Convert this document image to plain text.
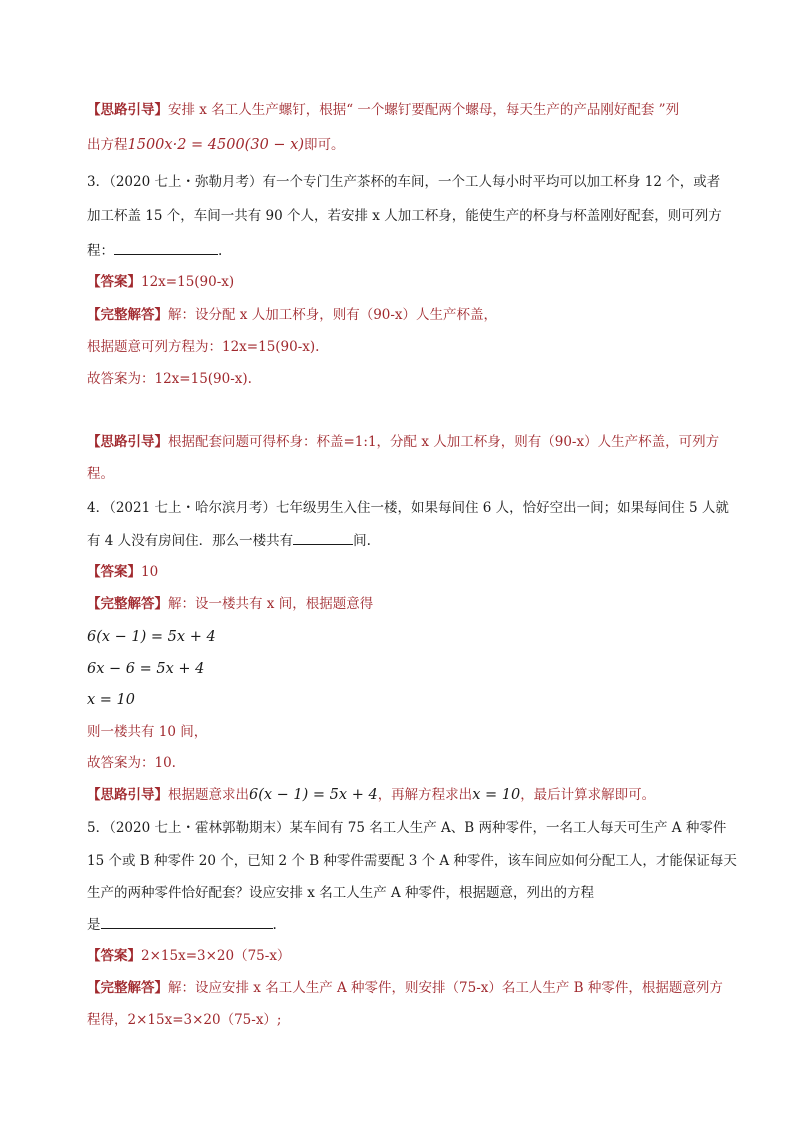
【思路引导】安排 x 名工人生产螺钉，根据“ 一个螺钉要配两个螺母，每天生产的产品刚好配套 ”列
出方程1500x·2 = 4500(30 − x)即可。
3．（2020 七上・弥勒月考）有一个专门生产茶杯的车间，一个工人每小时平均可以加工杯身 12 个，或者
加工杯盖 15 个，车间一共有 90 个人，若安排 x 人加工杯身，能使生产的杯身与杯盖刚好配套，则可列方
程：	.
【答案】12x=15(90-x)
【完整解答】解：设分配 x 人加工杯身，则有（90-x）人生产杯盖，
根据题意可列方程为：12x=15(90-x).
故答案为：12x=15(90-x).
【思路引导】根据配套问题可得杯身：杯盖=1:1，分配 x 人加工杯身，则有（90-x）人生产杯盖，可列方
程。
4．（2021 七上・哈尔滨月考）七年级男生入住一楼，如果每间住 6 人，恰好空出一间；如果每间住 5 人就
有 4 人没有房间住．那么一楼共有	间.
【答案】10
【完整解答】解：设一楼共有 x 间，根据题意得
6(x − 1) = 5x + 4
6x − 6 = 5x + 4
x = 10
则一楼共有 10 间，
故答案为：10.
【思路引导】根据题意求出6(x − 1) = 5x + 4，再解方程求出x = 10，最后计算求解即可。
5．（2020 七上・霍林郭勒期末）某车间有 75 名工人生产 A、B 两种零件，一名工人每天可生产 A 种零件
15 个或 B 种零件 20 个，已知 2 个 B 种零件需要配 3 个 A 种零件，该车间应如何分配工人，才能保证每天
生产的两种零件恰好配套？设应安排 x 名工人生产 A 种零件，根据题意，列出的方程
是	.
【答案】2×15x=3×20（75-x）
【完整解答】解：设应安排 x 名工人生产 A 种零件，则安排（75-x）名工人生产 B 种零件，根据题意列方
程得，2×15x=3×20（75-x）;
